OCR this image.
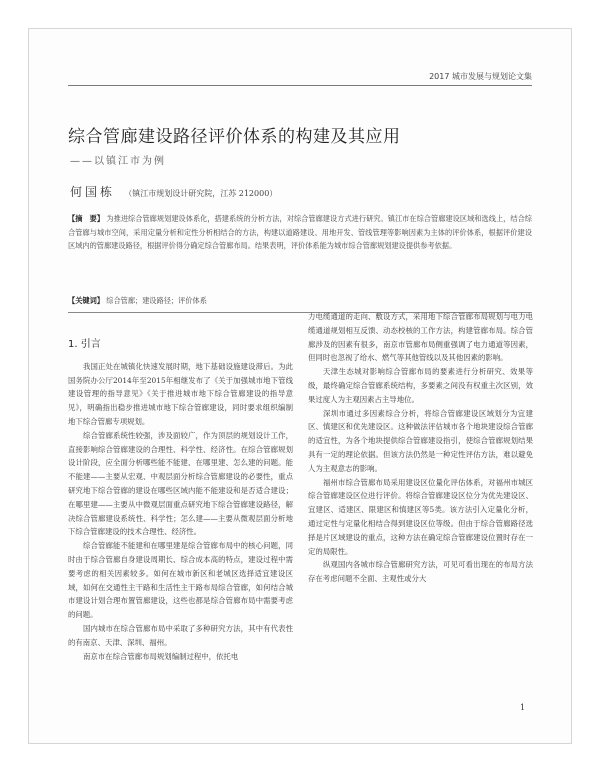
2017 城市发展与规划论文集
综合管廊建设路径评价体系的构建及其应用
——以镇江市为例
何国栋 （镇江市规划设计研究院，江苏 212000）

【摘　要】 为推进综合管廊规划建设体系化，搭建系统的分析方法，对综合管廊建设方式进行研究。镇江市在综合管廊建设区域和选线上，结合综合管廊与城市空间，采用定量分析和定性分析相结合的方法，构建以道路建设、用地开发、管线管理等影响因素为主体的评价体系，根据评价建设区域内的管廊建设路径，根据评价得分确定综合管廊布局。结果表明，评价体系能为城市综合管廊规划建设提供参考依据。

【关键词】 综合管廊；建设路径；评价体系
1. 引言

我国正处在城镇化快速发展时期，地下基础设施建设滞后。为此国务院办公厅2014年至2015年相继发布了《关于加强城市地下管线建设管理的指导意见》《关于推进城市地下综合管廊建设的指导意见》，明确指出稳步推进城市地下综合管廊建设，同时要求组织编制地下综合管廊专项规划。

综合管廊系统性较强，涉及面较广，作为顶层的规划设计工作，直接影响综合管廊建设的合理性、科学性、经济性。在综合管廊规划设计阶段，应全面分析哪些能不能建、在哪里建、怎么建的问题。能不能建——主要从宏观、中观层面分析综合管廊建设的必要性，重点研究地下综合管廊的建设在哪些区域内能不能建设和是否适合建设；在哪里建——主要从中微观层面重点研究地下综合管廊建设路径，解决综合管廊建设系统性、科学性；怎么建——主要从微观层面分析地下综合管廊建设的技术合理性、经济性。

综合管廊能不能建和在哪里建是综合管廊布局中的核心问题，同时由于综合管廊自身建设周期长、综合成本高的特点，建设过程中需要考虑的相关因素较多。如何在城市新区和老城区选择适宜建设区域，如何在交通性主干路和生活性主干路布局综合管廊，如何结合城市建设计划合理布置管廊建设，这些也都是综合管廊布局中需要考虑的问题。

国内城市在综合管廊布局中采取了多种研究方法，其中有代表性的有南京、天津、深圳、福州。

南京市在综合管廊布局规划编制过程中，依托电

力电缆通道的走向、敷设方式，采用地下综合管廊布局规划与电力电缆通道规划相互反馈、动态校核的工作方法，构建管廊布局。综合管廊涉及的因素有很多，南京市管廊布局侧重强调了电力通道等因素，但同时也忽视了给水、燃气等其他管线以及其他因素的影响。

天津生态城对影响综合管廊布局的要素进行分析研究、效果等级，最终确定综合管廊系统结构，多要素之间没有权重主次区别，效果过度人为主观因素占主导地位。

深圳市通过多因素综合分析，将综合管廊建设区域划分为宜建区、慎建区和优先建设区。这种做法评估城市各个地块建设综合管廊的适宜性，为各个地块提供综合管廊建设指引，使综合管廊规划结果具有一定的理论依据。但该方法仍然是一种定性评估方法，难以避免人为主观意志的影响。

福州市综合管廊布局采用建设区位量化评估体系，对福州市城区综合管廊建设区位进行评价。将综合管廊建设区位分为优先建设区、宜建区、适建区、限建区和慎建区等5类。该方法引入定量化分析，通过定性与定量化相结合得到建设区位等级。但由于综合管廊路径选择是片区域建设的重点，这种方法在确定综合管廊建设位置时存在一定的局限性。

纵观国内各城市综合管廊研究方法，可见可看出现在的布局方法存在考虑问题不全面、主观性或分大

1
